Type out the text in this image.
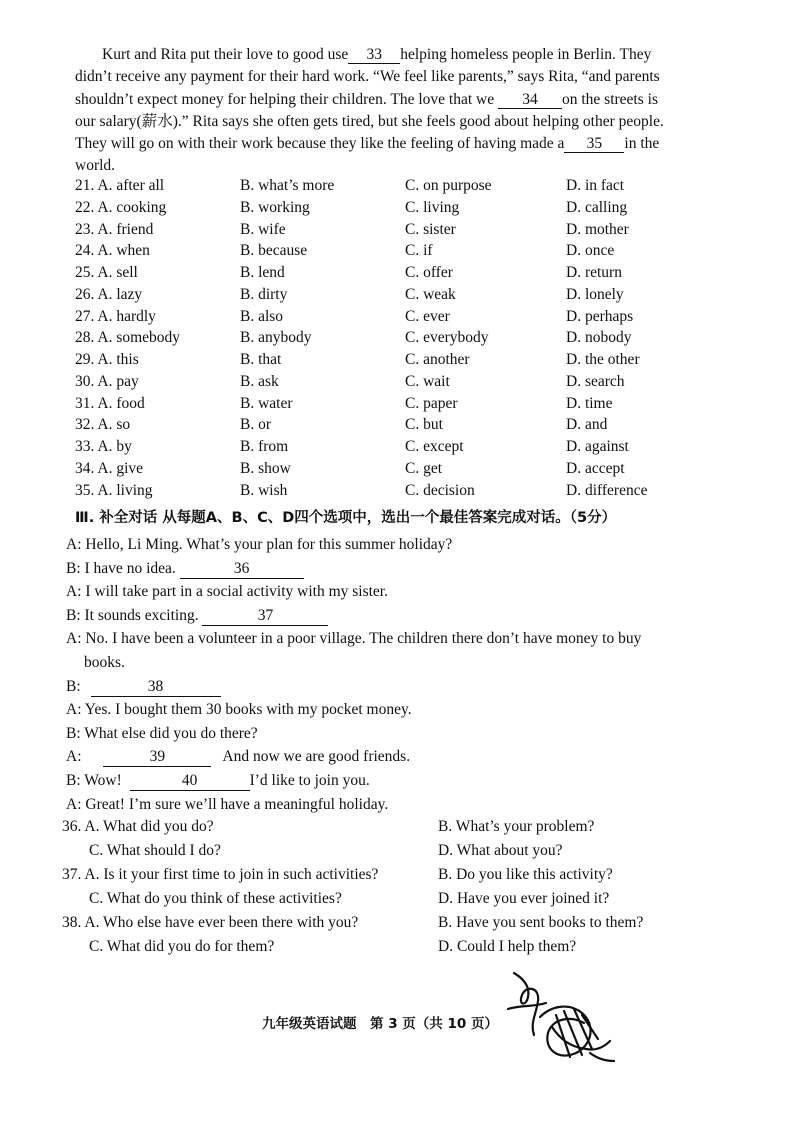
Kurt and Rita put their love to good use 33 helping homeless people in Berlin. They
didn’t receive any payment for their hard work. “We feel like parents,” says Rita, “and parents
shouldn’t expect money for helping their children. The love that we 34 on the streets is
our salary(薪水).” Rita says she often gets tired, but she feels good about helping other people.
They will go on with their work because they like the feeling of having made a 35 in the
world.
21. A. after all	B. what’s more	C. on purpose	D. in fact
22. A. cooking	B. working	C. living	D. calling
23. A. friend	B. wife	C. sister	D. mother
24. A. when	B. because	C. if	D. once
25. A. sell	B. lend	C. offer	D. return
26. A. lazy	B. dirty	C. weak	D. lonely
27. A. hardly	B. also	C. ever	D. perhaps
28. A. somebody	B. anybody	C. everybody	D. nobody
29. A. this	B. that	C. another	D. the other
30. A. pay	B. ask	C. wait	D. search
31. A. food	B. water	C. paper	D. time
32. A. so	B. or	C. but	D. and
33. A. by	B. from	C. except	D. against
34. A. give	B. show	C. get	D. accept
35. A. living	B. wish	C. decision	D. difference
Ⅲ. 补全对话 从每题A、B、C、D四个选项中，选出一个最佳答案完成对话。（5分）
A: Hello, Li Ming. What’s your plan for this summer holiday?
B: I have no idea.	36
A: I will take part in a social activity with my sister.
B: It sounds exciting.	37
A: No. I have been a volunteer in a poor village. The children there don’t have money to buy
books.
B:	38
A: Yes. I bought them 30 books with my pocket money.
B: What else did you do there?
A:	39	And now we are good friends.
B: Wow!	40	I’d like to join you.
A: Great! I’m sure we’ll have a meaningful holiday.
36. A. What did you do?	B. What’s your problem?
C. What should I do?	D. What about you?
37. A. Is it your first time to join in such activities?	B. Do you like this activity?
C. What do you think of these activities?	D. Have you ever joined it?
38. A. Who else have ever been there with you?	B. Have you sent books to them?
C. What did you do for them?	D. Could I help them?
九年级英语试题　第 3 页（共 10 页）
